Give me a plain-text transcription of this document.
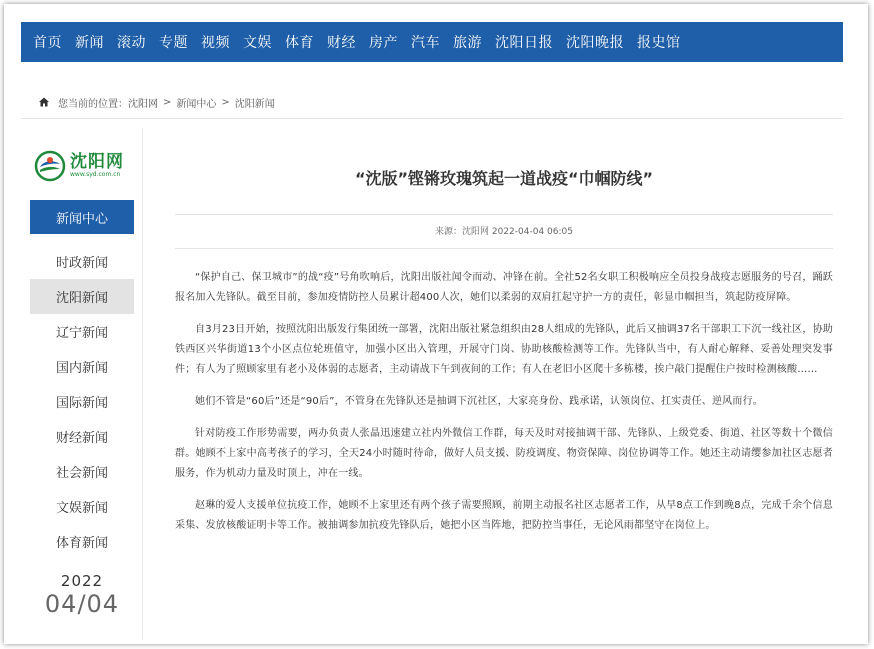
首页 新闻 滚动 专题 视频 文娱 体育 财经 房产 汽车 旅游 沈阳日报 沈阳晚报 报史馆
您当前的位置： 沈阳网 > 新闻中心 > 沈阳新闻
沈阳网
www.syd.com.cn
新闻中心
时政新闻
沈阳新闻
辽宁新闻
国内新闻
国际新闻
财经新闻
社会新闻
文娱新闻
体育新闻
2022
04/04
“沈版”铿锵玫瑰筑起一道战疫“巾帼防线”
来源：沈阳网 2022-04-04 06:05

“保护自己、保卫城市”的战“疫”号角吹响后，沈阳出版社闻令而动、冲锋在前。全社52名女职工积极响应全员投身战疫志愿服务的号召，踊跃报名加入先锋队。截至目前，参加疫情防控人员累计超400人次，她们以柔弱的双肩扛起守护一方的责任，彰显巾帼担当，筑起防疫屏障。

自3月23日开始，按照沈阳出版发行集团统一部署，沈阳出版社紧急组织由28人组成的先锋队，此后又抽调37名干部职工下沉一线社区，协助铁西区兴华街道13个小区点位轮班值守，加强小区出入管理，开展守门岗、协助核酸检测等工作。先锋队当中，有人耐心解释、妥善处理突发事件；有人为了照顾家里有老小及体弱的志愿者，主动请战下午到夜间的工作；有人在老旧小区爬十多栋楼，挨户敲门提醒住户按时检测核酸……

她们不管是“60后”还是“90后”，不管身在先锋队还是抽调下沉社区，大家亮身份、践承诺，认领岗位、扛实责任、逆风而行。

针对防疫工作形势需要，两办负责人张晶迅速建立社内外微信工作群，每天及时对接抽调干部、先锋队、上级党委、街道、社区等数十个微信群。她顾不上家中高考孩子的学习，全天24小时随时待命，做好人员支援、防疫调度、物资保障、岗位协调等工作。她还主动请缨参加社区志愿者服务，作为机动力量及时顶上，冲在一线。

赵琳的爱人支援单位抗疫工作，她顾不上家里还有两个孩子需要照顾，前期主动报名社区志愿者工作，从早8点工作到晚8点，完成千余个信息采集、发放核酸证明卡等工作。被抽调参加抗疫先锋队后，她把小区当阵地，把防控当事任，无论风雨都坚守在岗位上。
